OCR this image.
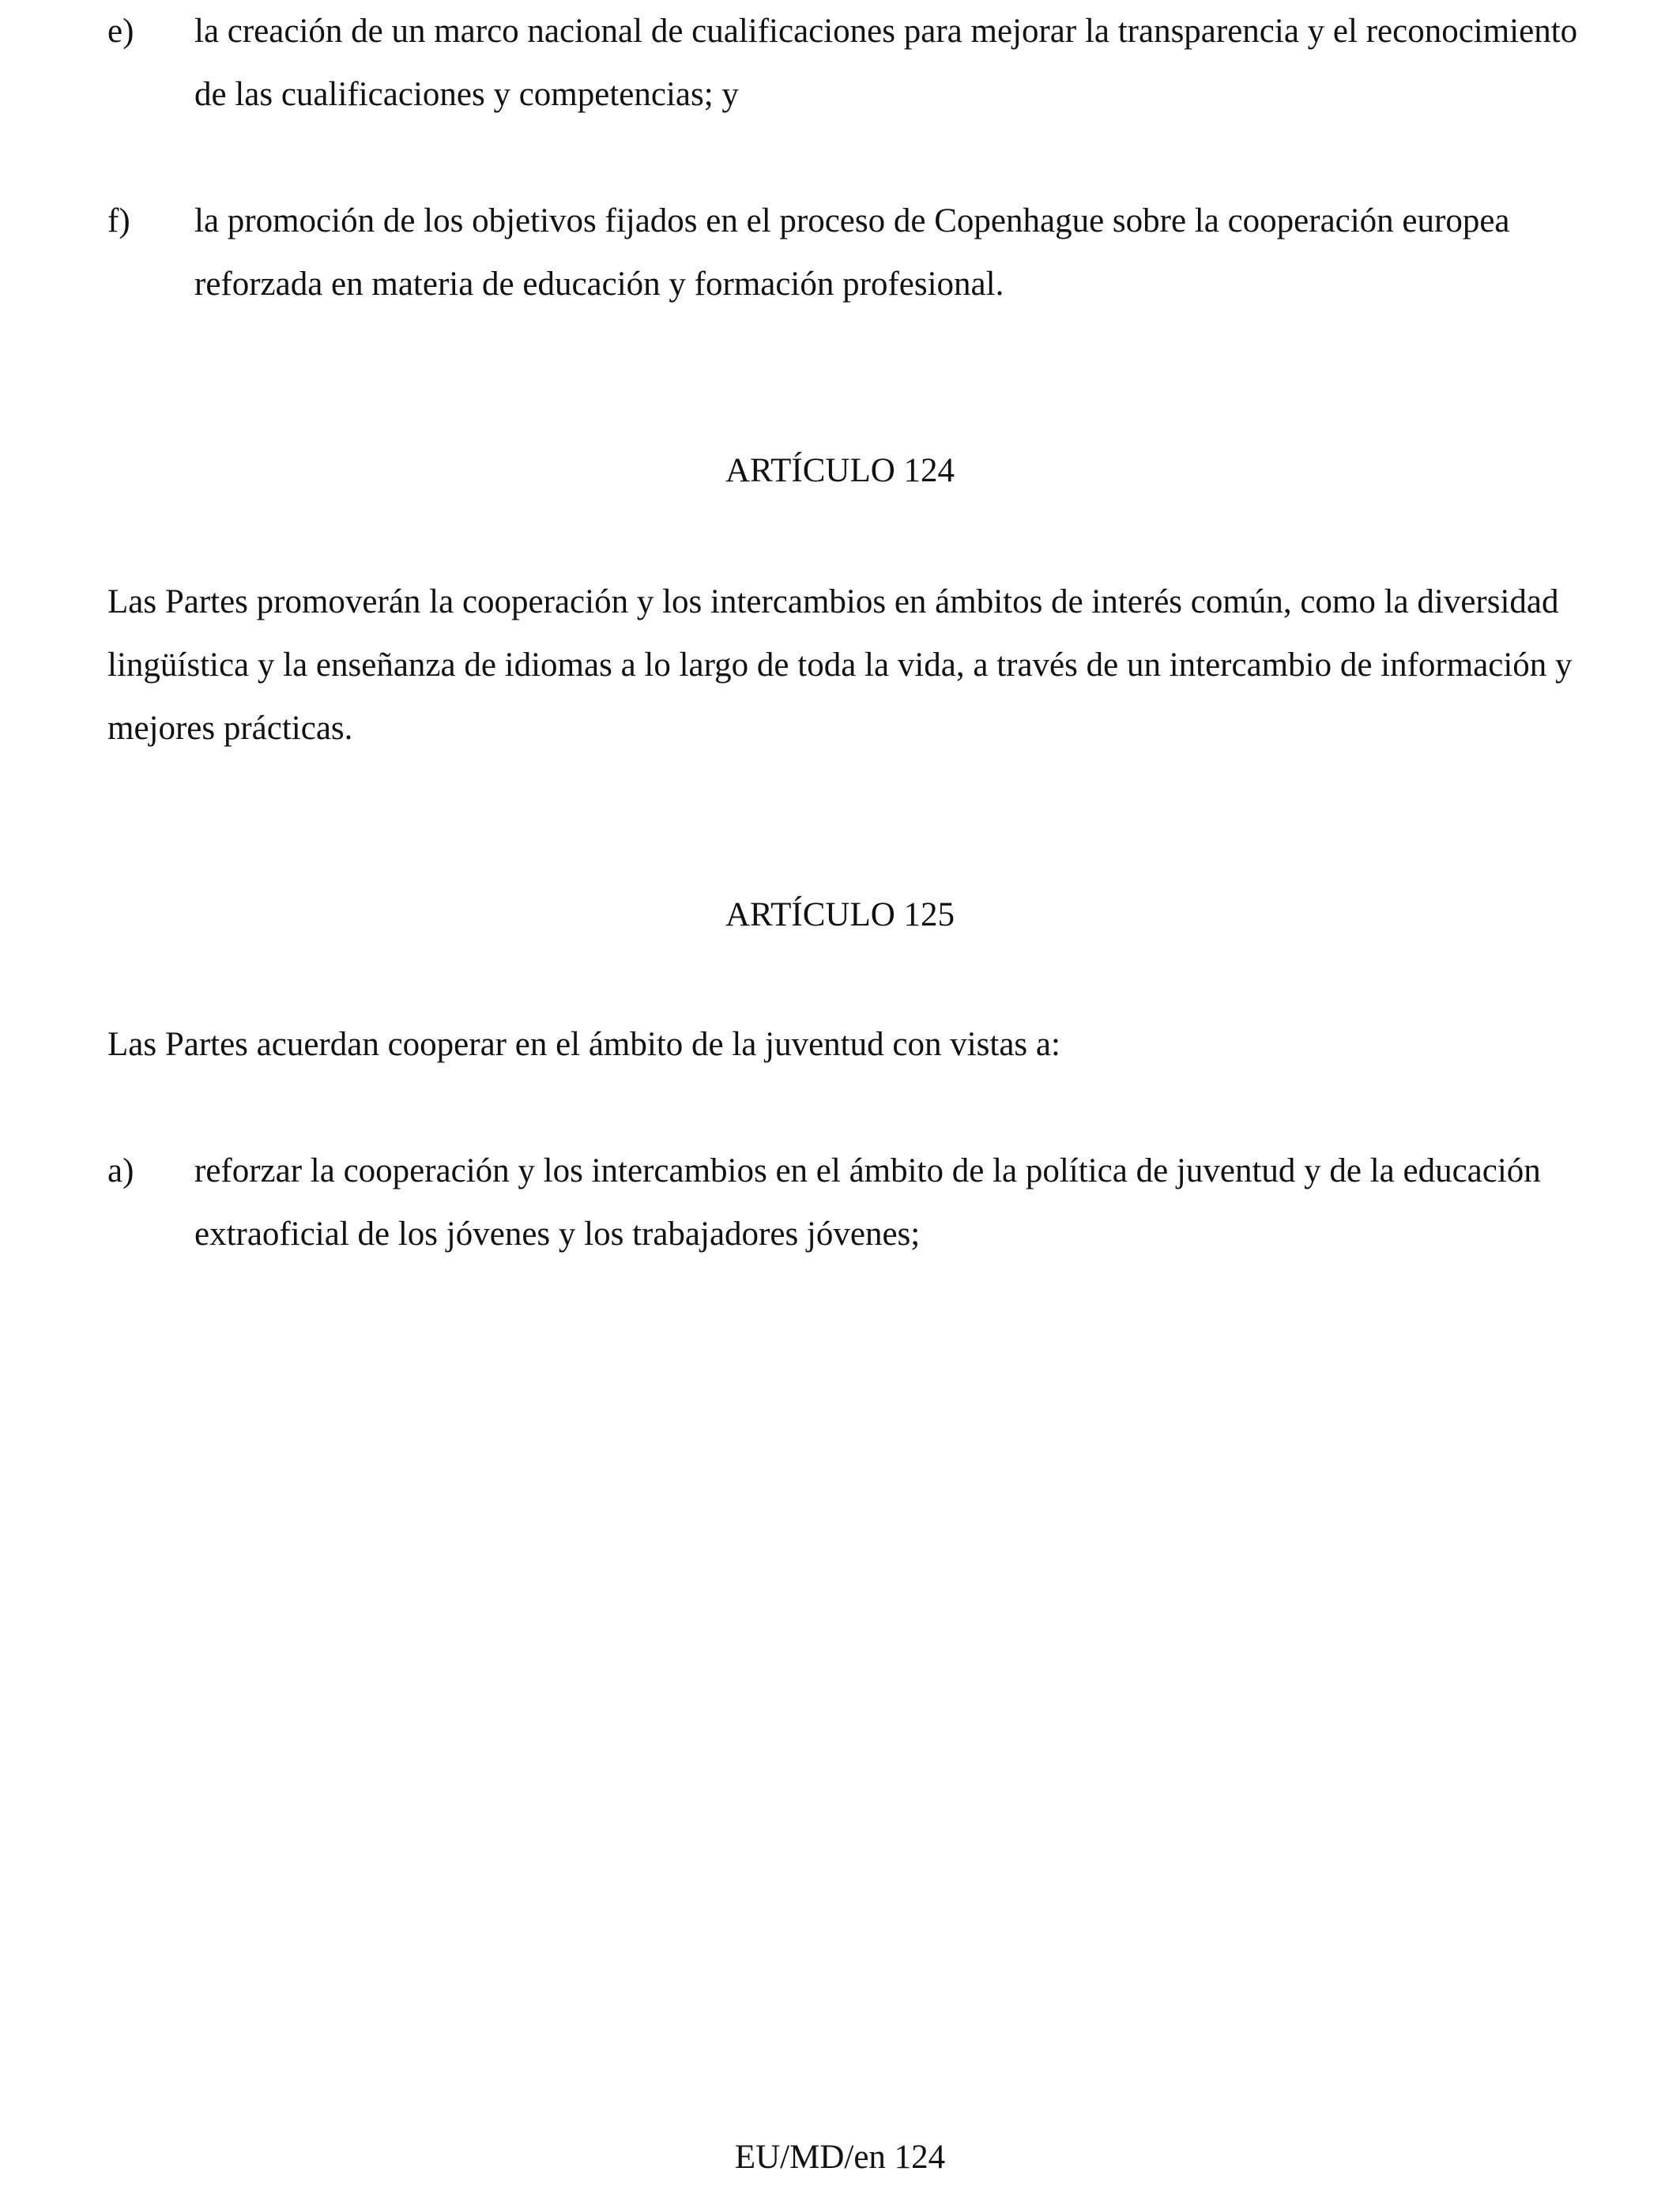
e)	la creación de un marco nacional de cualificaciones para mejorar la transparencia y el reconocimiento de las cualificaciones y competencias; y
f)	la promoción de los objetivos fijados en el proceso de Copenhague sobre la cooperación europea reforzada en materia de educación y formación profesional.
ARTÍCULO 124
Las Partes promoverán la cooperación y los intercambios en ámbitos de interés común, como la diversidad lingüística y la enseñanza de idiomas a lo largo de toda la vida, a través de un intercambio de información y mejores prácticas.
ARTÍCULO 125
Las Partes acuerdan cooperar en el ámbito de la juventud con vistas a:
a)	reforzar la cooperación y los intercambios en el ámbito de la política de juventud y de la educación extraoficial de los jóvenes y los trabajadores jóvenes;
EU/MD/en 124
